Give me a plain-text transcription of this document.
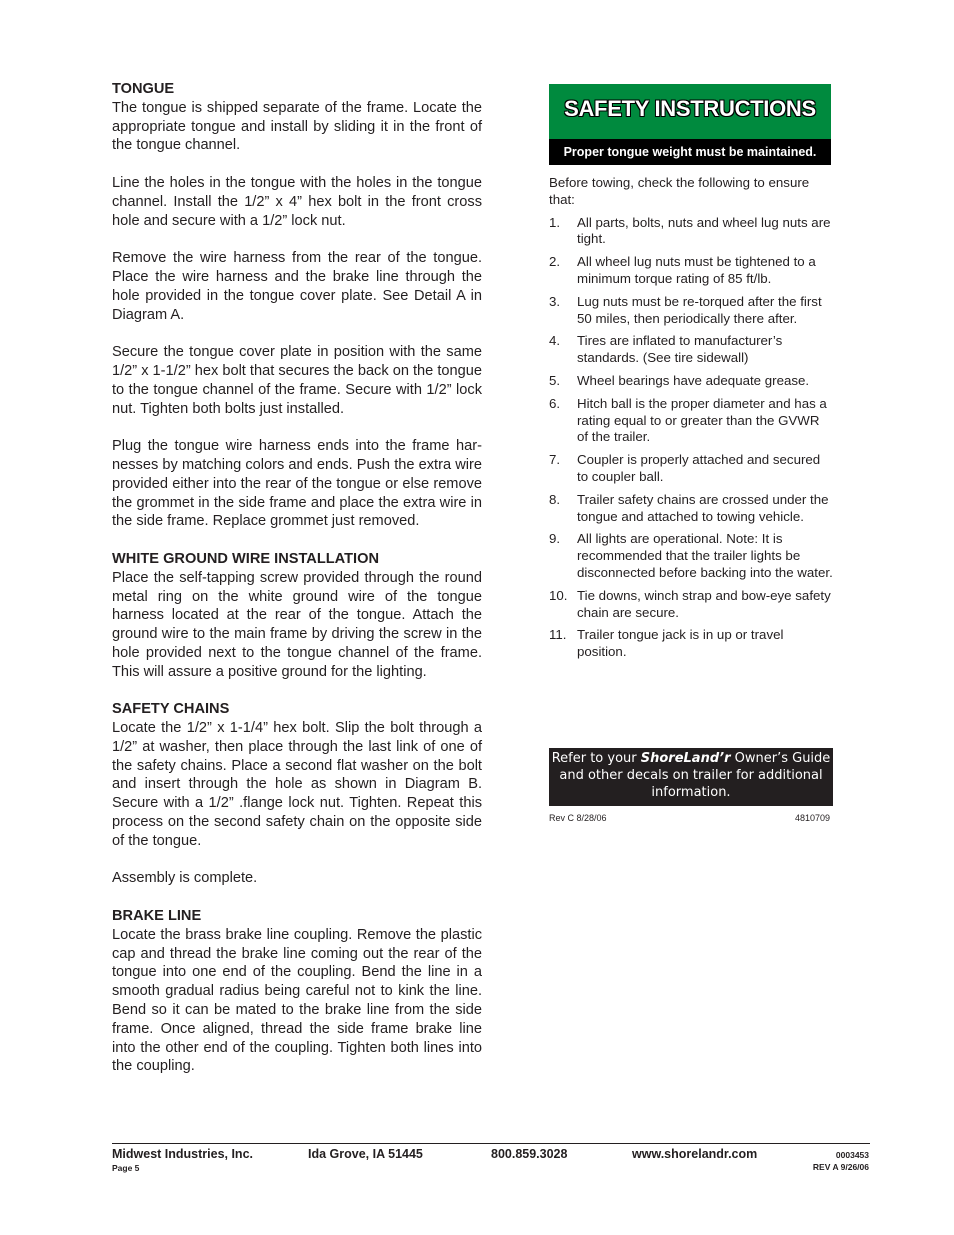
TONGUE

The tongue is shipped separate of the frame. Locate the appropriate tongue and install by sliding it in the front of the tongue channel.

Line the holes in the tongue with the holes in the tongue channel. Install the 1/2” x 4” hex bolt in the front cross hole and secure with a 1/2” lock nut.

Remove the wire harness from the rear of the tongue. Place the wire harness and the brake line through the hole provided in the tongue cover plate. See Detail A in Diagram A.

Secure the tongue cover plate in position with the same 1/2” x 1-1/2” hex bolt that secures the back on the tongue to the tongue channel of the frame. Secure with 1/2” lock nut. Tighten both bolts just installed.

Plug the tongue wire harness ends into the frame harnesses by matching colors and ends. Push the extra wire provided either into the rear of the tongue or else remove the grommet in the side frame and place the extra wire in the side frame. Replace grommet just removed.

WHITE GROUND WIRE INSTALLATION

Place the self-tapping screw provided through the round metal ring on the white ground wire of the tongue harness located at the rear of the tongue. Attach the ground wire to the main frame by driving the screw in the hole provided next to the tongue channel of the frame. This will assure a positive ground for the lighting.

SAFETY CHAINS

Locate the 1/2” x 1-1/4” hex bolt. Slip the bolt through a 1/2” at washer, then place through the last link of one of the safety chains. Place a second flat washer on the bolt and insert through the hole as shown in Diagram B. Secure with a 1/2” .flange lock nut. Tighten. Repeat this process on the second safety chain on the opposite side of the tongue.

Assembly is complete.

BRAKE LINE

Locate the brass brake line coupling. Remove the plastic cap and thread the brake line coming out the rear of the tongue into one end of the coupling. Bend the line in a smooth gradual radius being careful not to kink the line. Bend so it can be mated to the brake line from the side frame. Once aligned, thread the side frame brake line into the other end of the coupling. Tighten both lines into the coupling.

SAFETY INSTRUCTIONS
Proper tongue weight must be maintained.

Before towing, check the following to ensure that:

1. All parts, bolts, nuts and wheel lug nuts are tight.
2. All wheel lug nuts must be tightened to a minimum torque rating of 85 ft/lb.
3. Lug nuts must be re-torqued after the first 50 miles, then periodically there after.
4. Tires are inflated to manufacturer’s standards. (See tire sidewall)
5. Wheel bearings have adequate grease.
6. Hitch ball is the proper diameter and has a rating equal to or greater than the GVWR of the trailer.
7. Coupler is properly attached and secured to coupler ball.
8. Trailer safety chains are crossed under the tongue and attached to towing vehicle.
9. All lights are operational. Note: It is recommended that the trailer lights be disconnected before backing into the water.
10. Tie downs, winch strap and bow-eye safety chain are secure.
11. Trailer tongue jack is in up or travel position.
Refer to your ShoreLand’r Owner’s Guide and other decals on trailer for additional information.
Rev C 8/28/06	4810709
Midwest Industries, Inc.	Ida Grove, IA 51445	800.859.3028	www.shorelandr.com
Page 5
0003453
REV A 9/26/06
